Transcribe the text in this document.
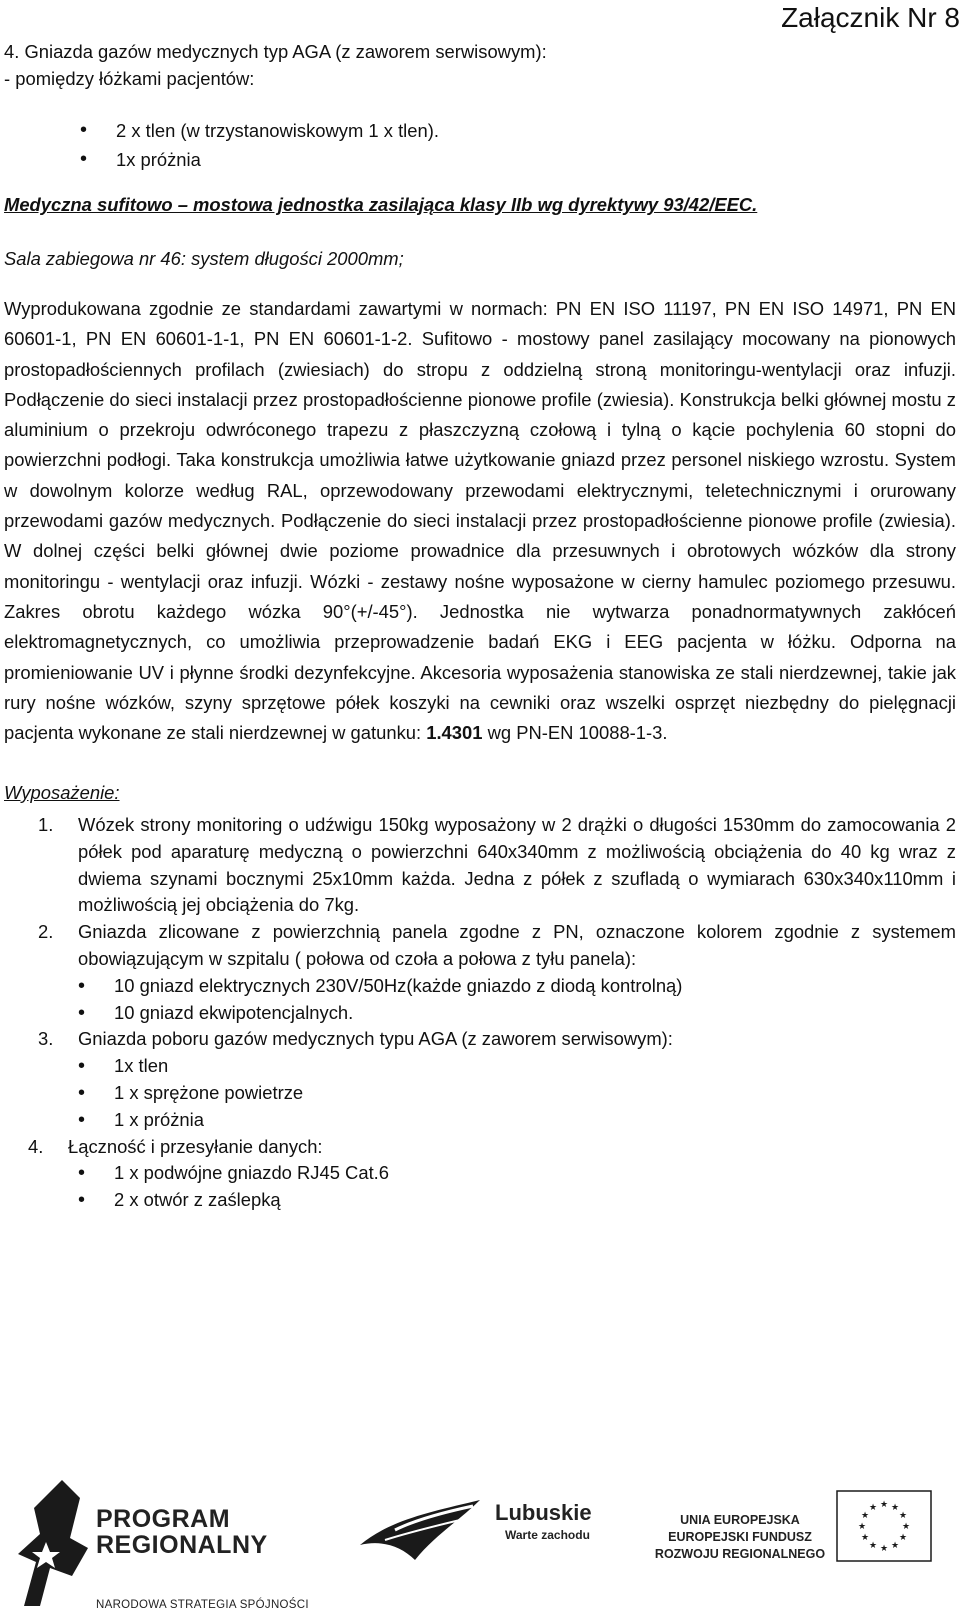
Załącznik Nr 8
4. Gniazda gazów medycznych typ AGA (z zaworem serwisowym):
- pomiędzy łóżkami pacjentów:
• 2 x tlen (w trzystanowiskowym 1 x tlen).
• 1x próżnia
Medyczna sufitowo – mostowa jednostka zasilająca klasy IIb wg dyrektywy 93/42/EEC.
Sala zabiegowa nr 46: system długości 2000mm;
Wyprodukowana zgodnie ze standardami zawartymi w normach: PN EN ISO 11197, PN EN ISO 14971, PN EN 60601-1, PN EN 60601-1-1, PN EN 60601-1-2. Sufitowo - mostowy panel zasilający mocowany na pionowych prostopadłościennych profilach (zwiesiach) do stropu z oddzielną stroną monitoringu-wentylacji oraz infuzji. Podłączenie do sieci instalacji przez prostopadłościenne pionowe profile (zwiesia). Konstrukcja belki głównej mostu z aluminium o przekroju odwróconego trapezu z płaszczyzną czołową i tylną o kącie pochylenia 60 stopni do powierzchni podłogi. Taka konstrukcja umożliwia łatwe użytkowanie gniazd przez personel niskiego wzrostu. System w dowolnym kolorze według RAL, oprzewodowany przewodami elektrycznymi, teletechnicznymi i orurowany przewodami gazów medycznych. Podłączenie do sieci instalacji przez prostopadłościenne pionowe profile (zwiesia). W dolnej części belki głównej dwie poziome prowadnice dla przesuwnych i obrotowych wózków dla strony monitoringu - wentylacji oraz infuzji. Wózki - zestawy nośne wyposażone w cierny hamulec poziomego przesuwu. Zakres obrotu każdego wózka 90°(+/-45°). Jednostka nie wytwarza ponadnormatywnych zakłóceń elektromagnetycznych, co umożliwia przeprowadzenie badań EKG i EEG pacjenta w łóżku. Odporna na promieniowanie UV i płynne środki dezynfekcyjne. Akcesoria wyposażenia stanowiska ze stali nierdzewnej, takie jak rury nośne wózków, szyny sprzętowe półek koszyki na cewniki oraz wszelki osprzęt niezbędny do pielęgnacji pacjenta wykonane ze stali nierdzewnej w gatunku: 1.4301 wg PN-EN 10088-1-3.
Wyposażenie:
1. Wózek strony monitoring o udźwigu 150kg wyposażony w 2 drążki o długości 1530mm do zamocowania 2 półek pod aparaturę medyczną o powierzchni 640x340mm z możliwością obciążenia do 40 kg wraz z dwiema szynami bocznymi 25x10mm każda. Jedna z półek z szufladą o wymiarach 630x340x110mm i możliwością jej obciążenia do 7kg.
2. Gniazda zlicowane z powierzchnią panela zgodne z PN, oznaczone kolorem zgodnie z systemem obowiązującym w szpitalu ( połowa od czoła a połowa z tyłu panela):
• 10 gniazd elektrycznych 230V/50Hz(każde gniazdo z diodą kontrolną)
• 10 gniazd ekwipotencjalnych.
3. Gniazda poboru gazów medycznych typu AGA (z zaworem serwisowym):
• 1x tlen
• 1 x sprężone powietrze
• 1 x próżnia
4. Łączność i przesyłanie danych:
• 1 x podwójne gniazdo RJ45 Cat.6
• 2 x otwór z zaślepką
★ ★
★
★
★
★
★
★
★
★
★
★
PROGRAM
REGIONALNY
NARODOWA STRATEGIA SPÓJNOŚCI
Lubuskie
Warte zachodu
UNIA EUROPEJSKA
EUROPEJSKI FUNDUSZ
ROZWOJU REGIONALNEGO
